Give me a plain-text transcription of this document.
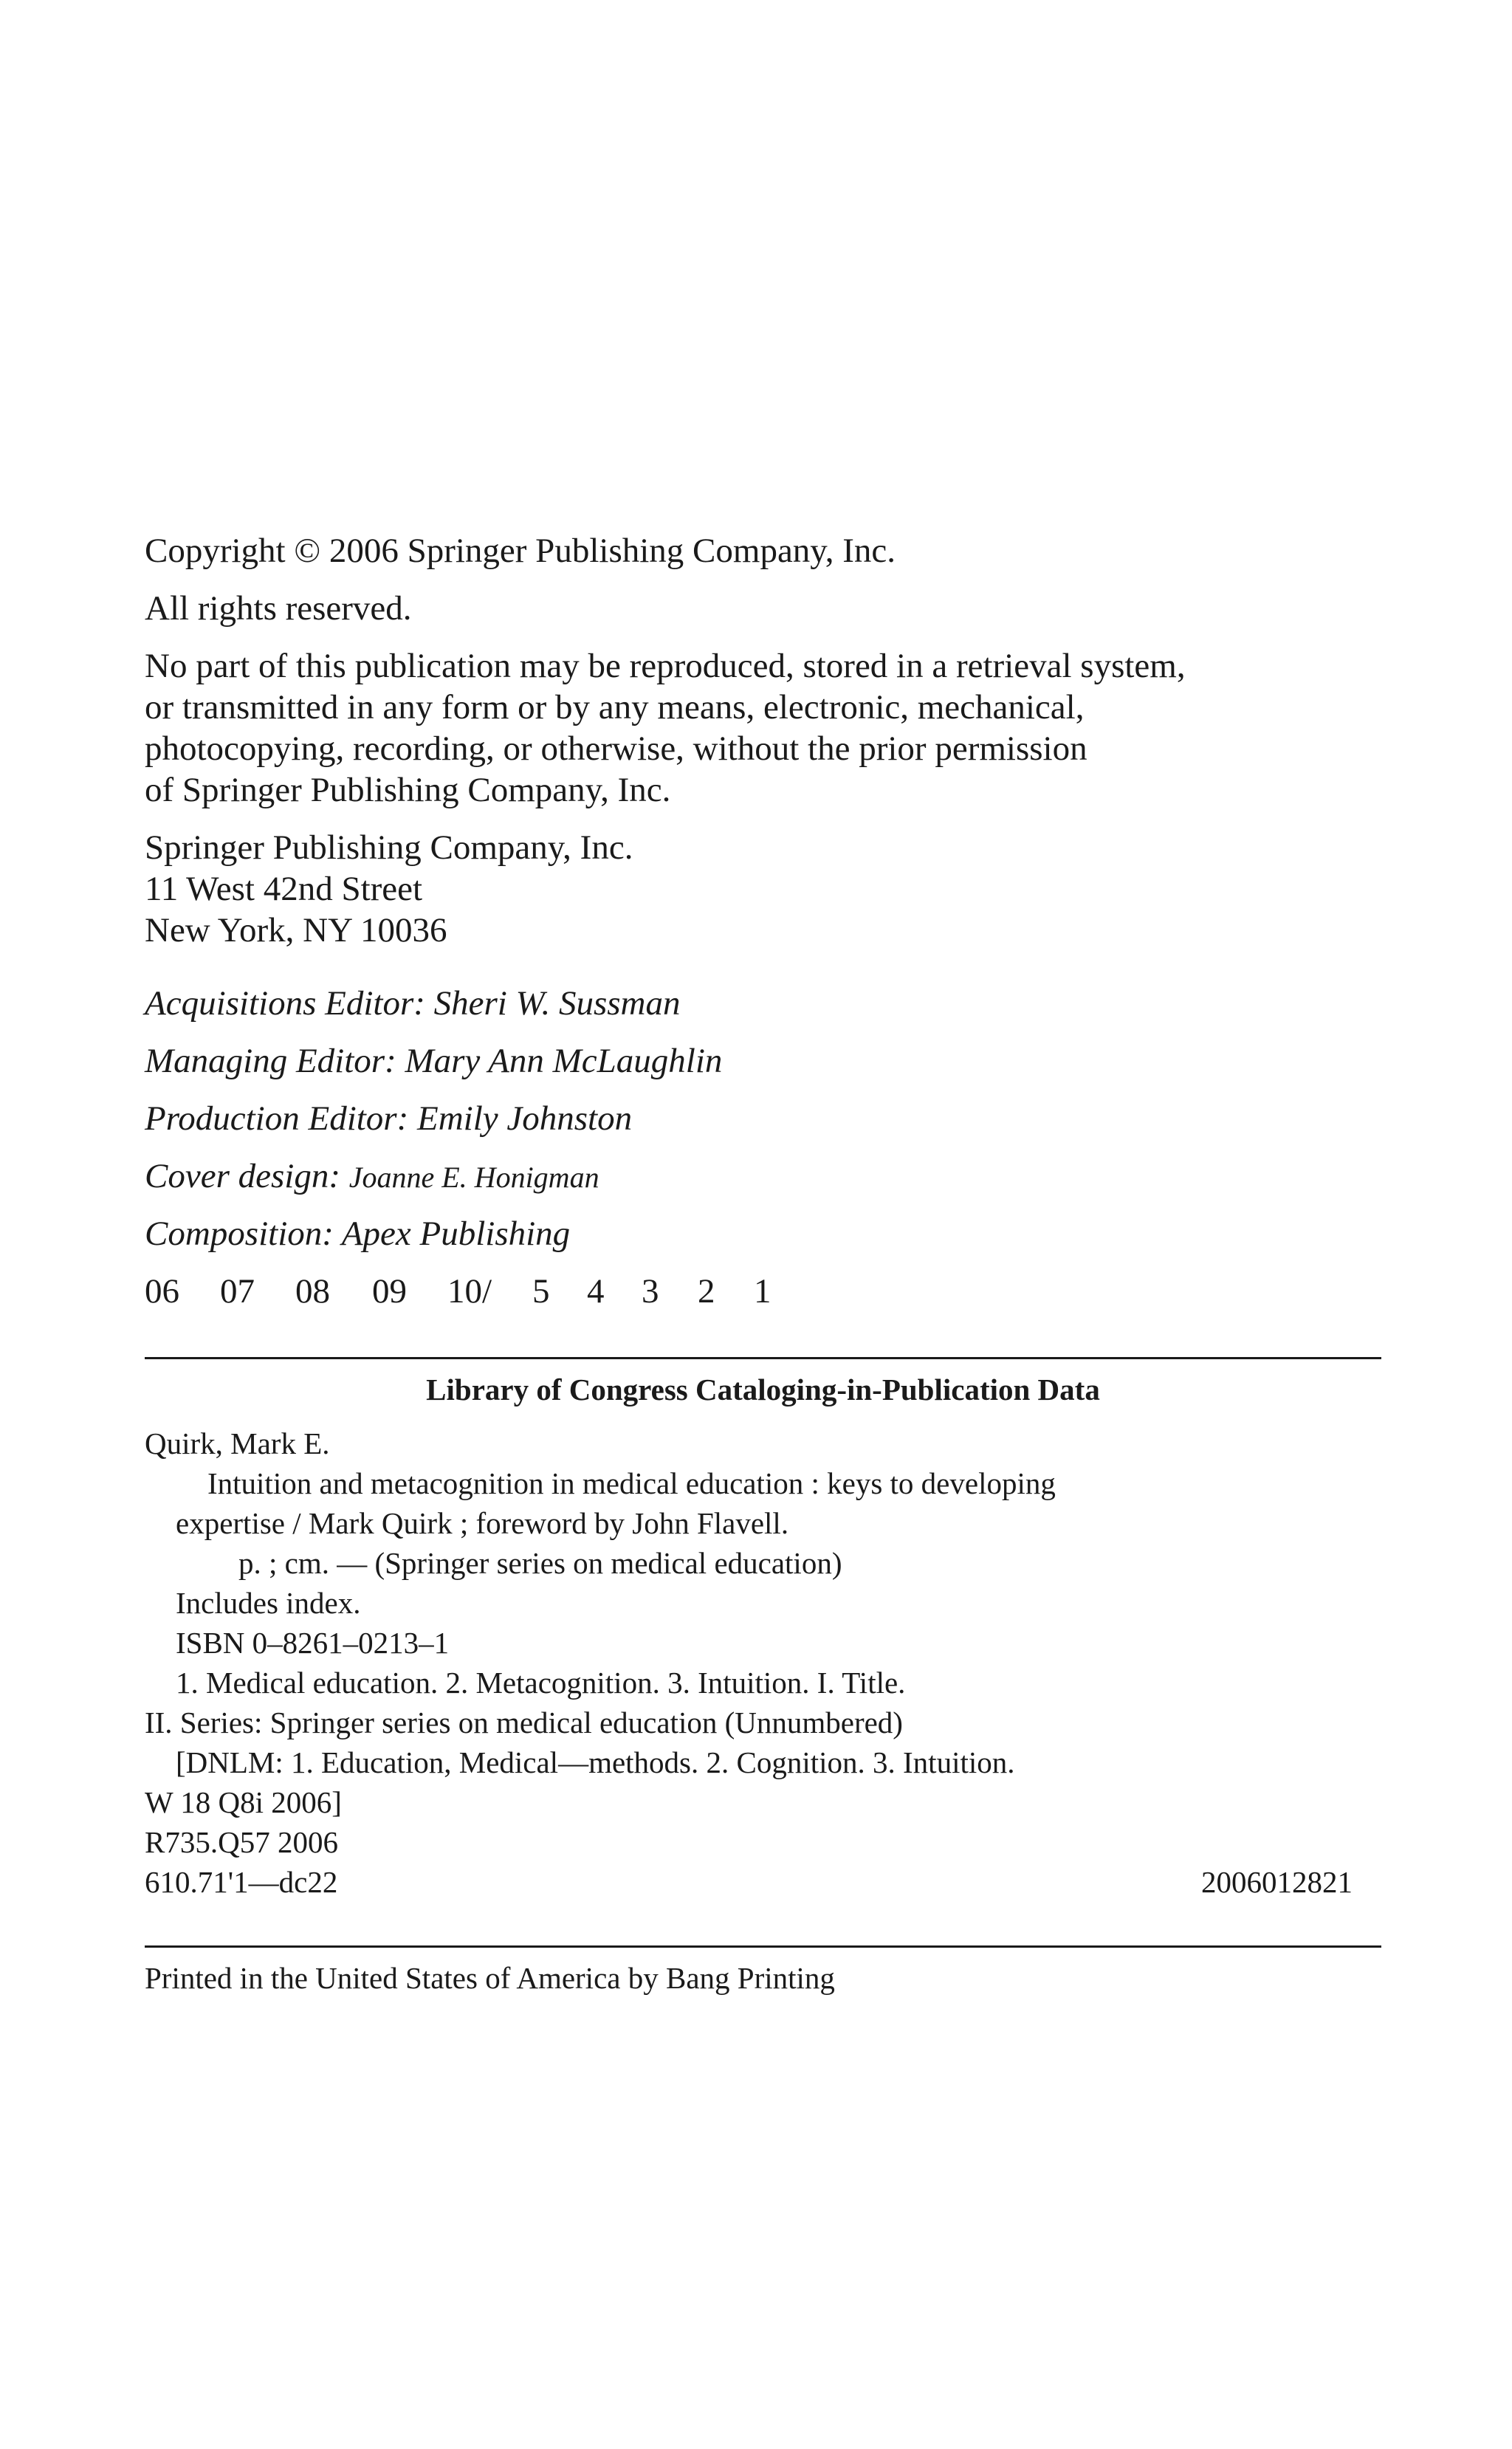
Copyright © 2006 Springer Publishing Company, Inc.
All rights reserved.
No part of this publication may be reproduced, stored in a retrieval system,
or transmitted in any form or by any means, electronic, mechanical,
photocopying, recording, or otherwise, without the prior permission
of Springer Publishing Company, Inc.
Springer Publishing Company, Inc.
11 West 42nd Street
New York, NY 10036
Acquisitions Editor: Sheri W. Sussman
Managing Editor: Mary Ann McLaughlin
Production Editor: Emily Johnston
Cover design: Joanne E. Honigman
Composition: Apex Publishing
06 07 08 09 10/ 5 4 3 2 1
Library of Congress Cataloging-in-Publication Data
Quirk, Mark E.
Intuition and metacognition in medical education : keys to developing
expertise / Mark Quirk ; foreword by John Flavell.
p. ; cm. — (Springer series on medical education)
Includes index.
ISBN 0–8261–0213–1
1. Medical education. 2. Metacognition. 3. Intuition. I. Title.
II. Series: Springer series on medical education (Unnumbered)
[DNLM: 1. Education, Medical—methods. 2. Cognition. 3. Intuition.
W 18 Q8i 2006]
R735.Q57 2006
610.71'1—dc22	2006012821
Printed in the United States of America by Bang Printing
